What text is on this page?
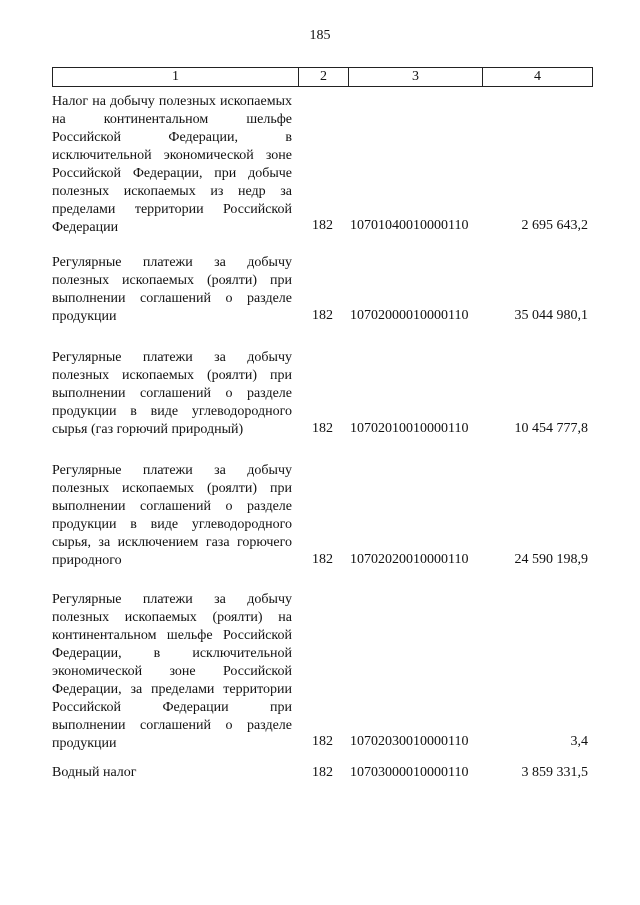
185
1	2	3	4
Налог на добычу полезных ископаемых на континентальном шельфе Российской Федерации, в исключительной экономической зоне Российской Федерации, при добыче полезных ископаемых из недр за пределами территории Российской Федерации	182	10701040010000110	2 695 643,2
Регулярные платежи за добычу полезных ископаемых (роялти) при выполнении соглашений о разделе продукции	182	10702000010000110	35 044 980,1
Регулярные платежи за добычу полезных ископаемых (роялти) при выполнении соглашений о разделе продукции в виде углеводородного сырья (газ горючий природный)	182	10702010010000110	10 454 777,8
Регулярные платежи за добычу полезных ископаемых (роялти) при выполнении соглашений о разделе продукции в виде углеводородного сырья, за исключением газа горючего природного	182	10702020010000110	24 590 198,9
Регулярные платежи за добычу полезных ископаемых (роялти) на континентальном шельфе Российской Федерации, в исключительной экономической зоне Российской Федерации, за пределами территории Российской Федерации при выполнении соглашений о разделе продукции	182	10702030010000110	3,4
Водный налог	182	10703000010000110	3 859 331,5
